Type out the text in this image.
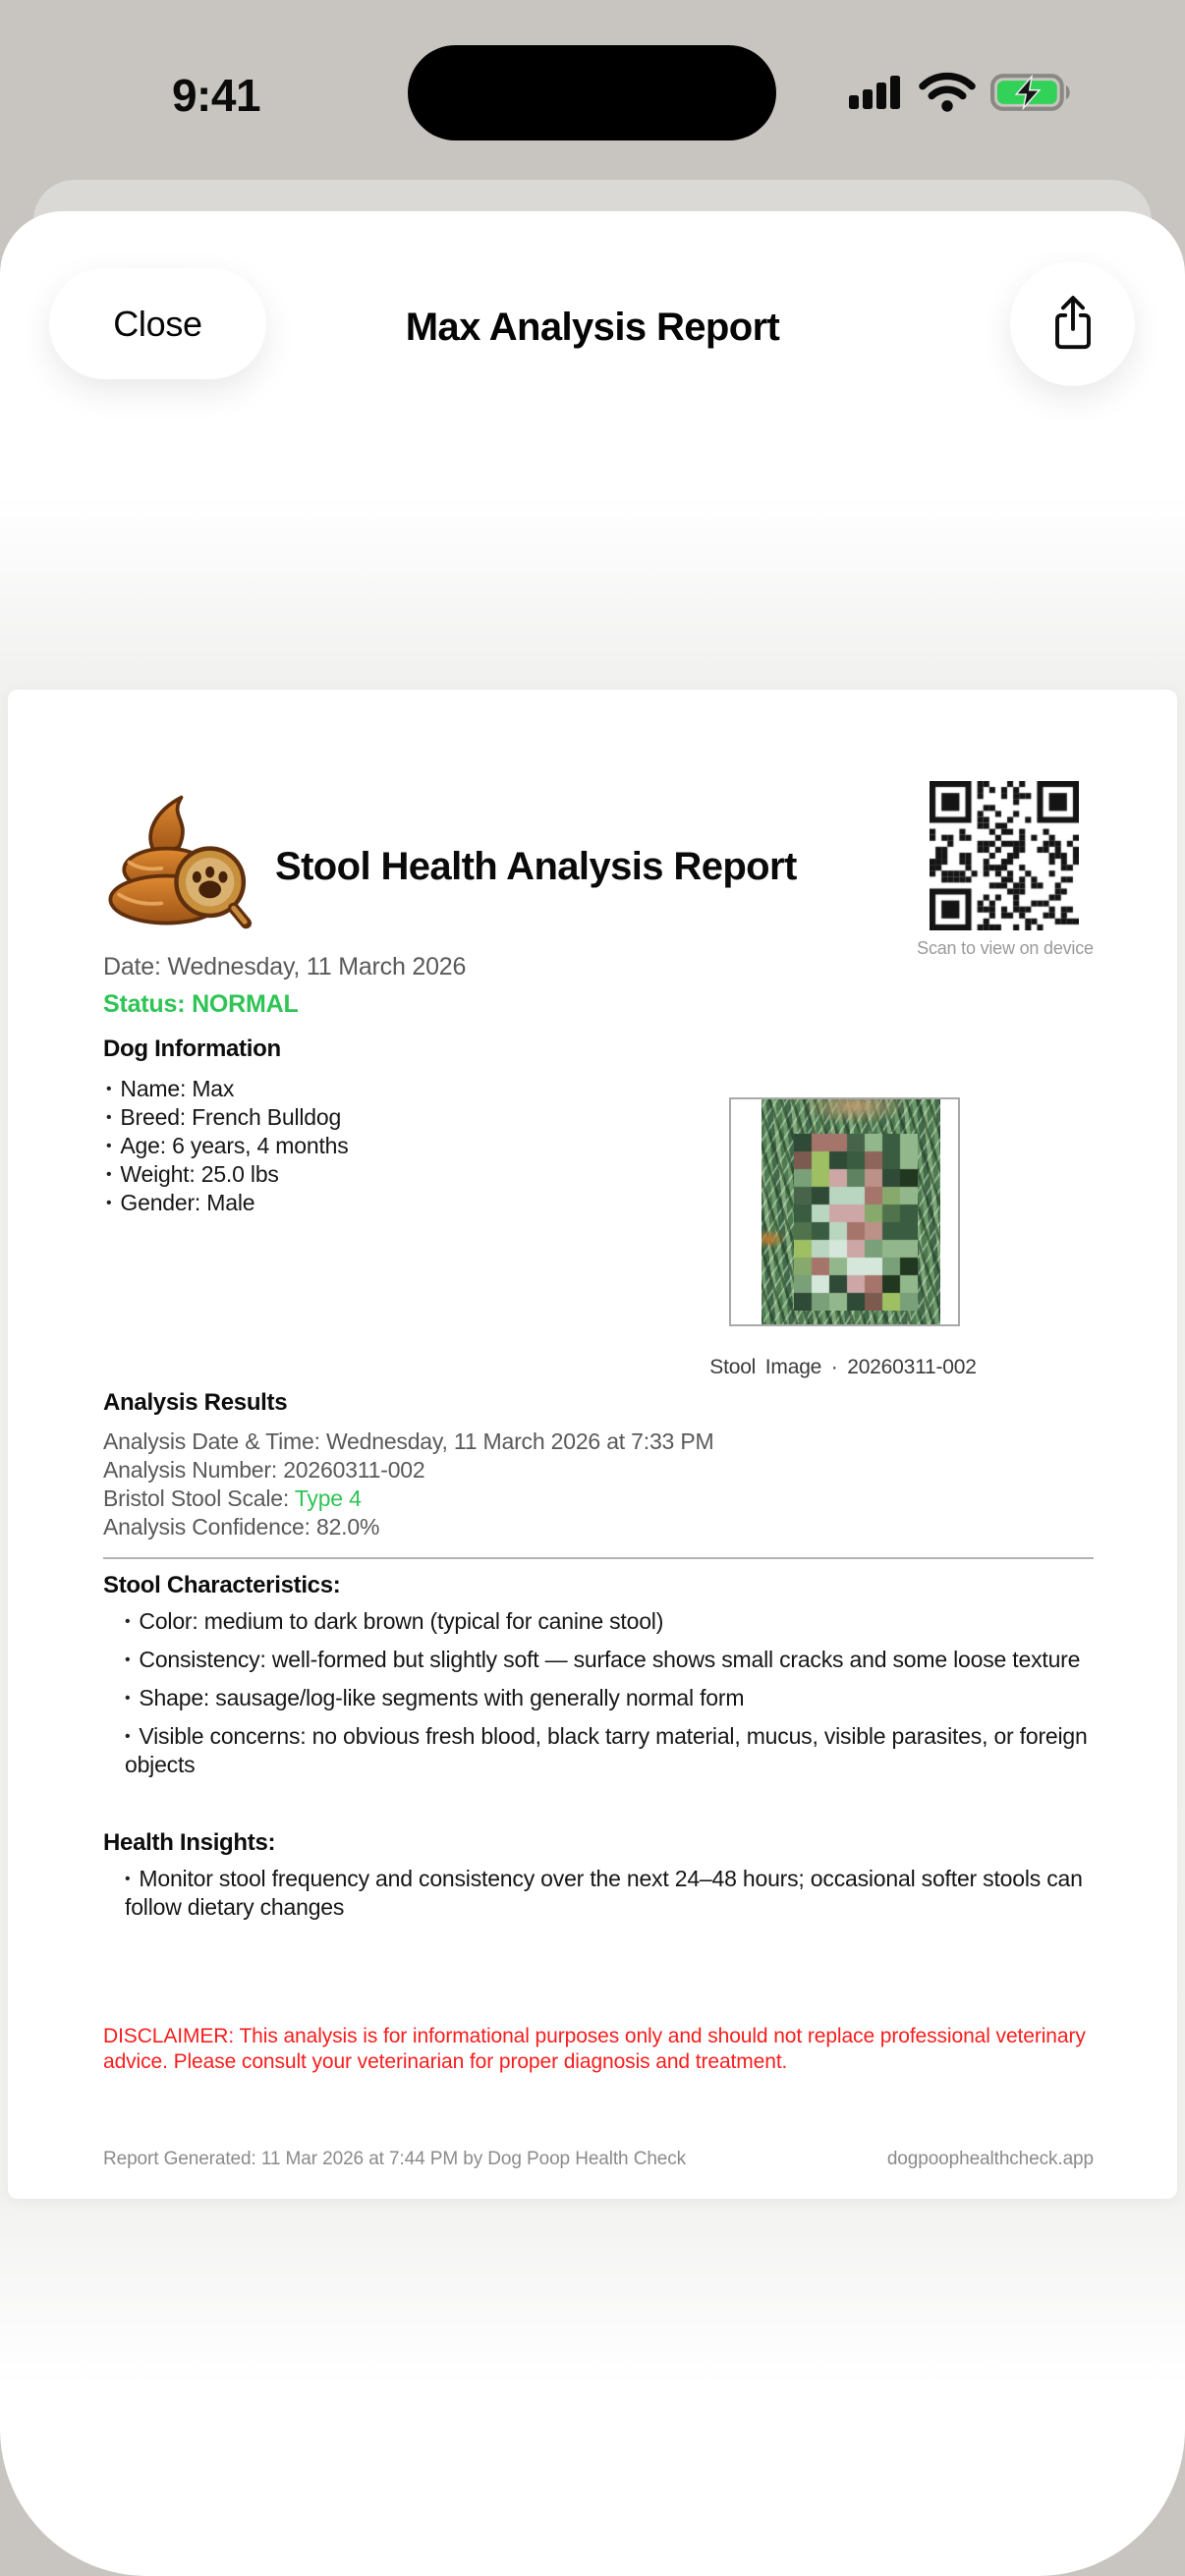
9:41
Close	Max Analysis Report
Stool Health Analysis Report
Scan to view on device
Date: Wednesday, 11 March 2026
Status: NORMAL
Dog Information
• Name: Max
• Breed: French Bulldog
• Age: 6 years, 4 months
• Weight: 25.0 lbs
• Gender: Male
Stool Image · 20260311-002
Analysis Results
Analysis Date & Time: Wednesday, 11 March 2026 at 7:33 PM
Analysis Number: 20260311-002
Bristol Stool Scale: Type 4
Analysis Confidence: 82.0%
Stool Characteristics:
• Color: medium to dark brown (typical for canine stool)
• Consistency: well-formed but slightly soft — surface shows small cracks and some loose texture
• Shape: sausage/log-like segments with generally normal form
• Visible concerns: no obvious fresh blood, black tarry material, mucus, visible parasites, or foreign objects
Health Insights:
• Monitor stool frequency and consistency over the next 24–48 hours; occasional softer stools can follow dietary changes
DISCLAIMER: This analysis is for informational purposes only and should not replace professional veterinary advice. Please consult your veterinarian for proper diagnosis and treatment.
Report Generated: 11 Mar 2026 at 7:44 PM by Dog Poop Health Check	dogpoophealthcheck.app
